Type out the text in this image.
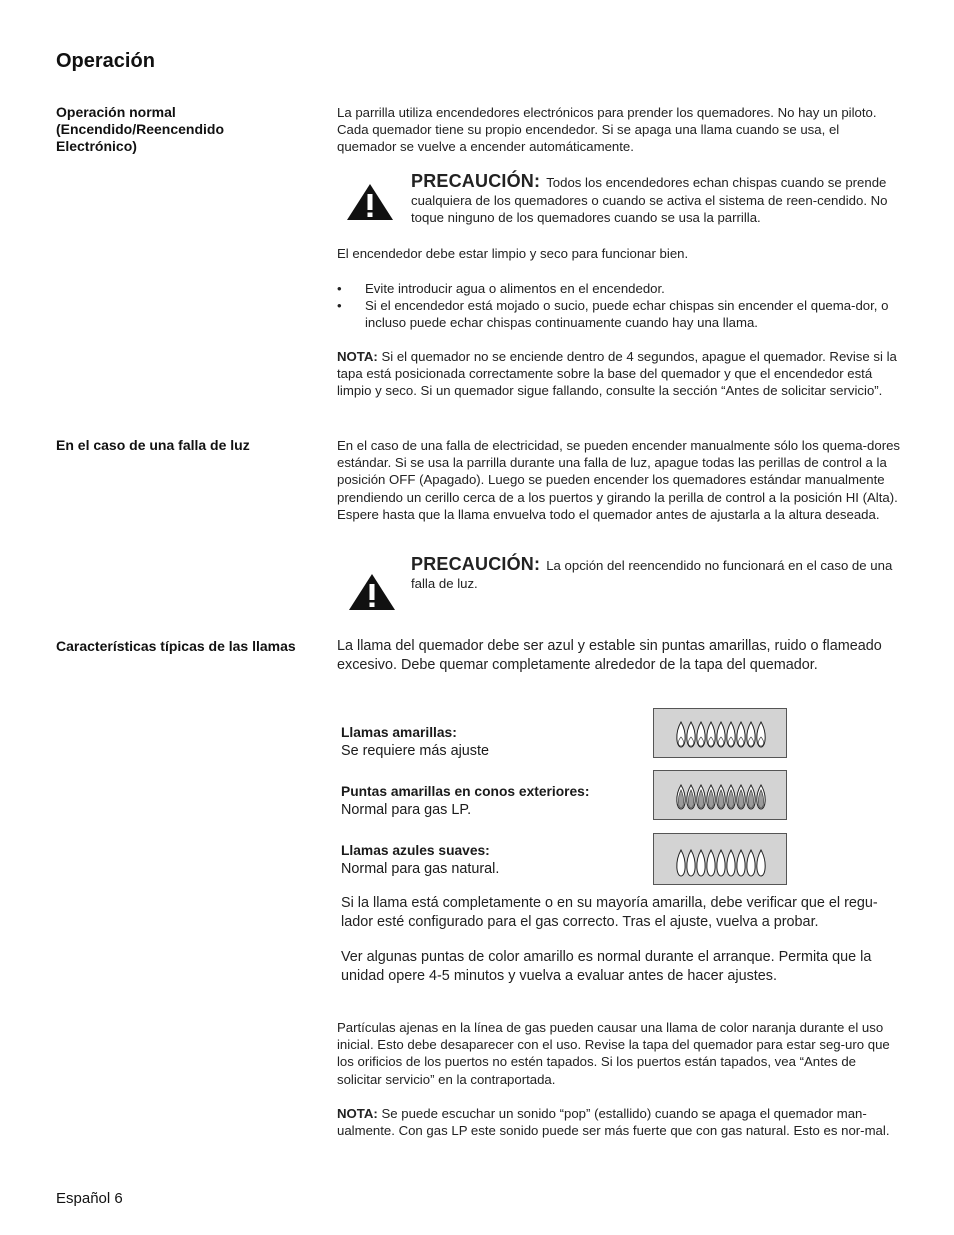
Operación
Operación normal (Encendido/Reencendido Electrónico)
La parrilla utiliza encendedores electrónicos para prender los quemadores. No hay un piloto. Cada quemador tiene su propio encendedor. Si se apaga una llama cuando se usa, el quemador se vuelve a encender automáticamente.
PRECAUCIÓN: Todos los encendedores echan chispas cuando se prende cualquiera de los quemadores o cuando se activa el sistema de reen-cendido. No toque ninguno de los quemadores cuando se usa la parrilla.
El encendedor debe estar limpio y seco para funcionar bien.
• Evite introducir agua o alimentos en el encendedor.
• Si el encendedor está mojado o sucio, puede echar chispas sin encender el quema-dor, o incluso puede echar chispas continuamente cuando hay una llama.
NOTA: Si el quemador no se enciende dentro de 4 segundos, apague el quemador. Revise si la tapa está posicionada correctamente sobre la base del quemador y que el encendedor está limpio y seco. Si un quemador sigue fallando, consulte la sección “Antes de solicitar servicio”.
En el caso de una falla de luz	En el caso de una falla de electricidad, se pueden encender manualmente sólo los quema-dores estándar. Si se usa la parrilla durante una falla de luz, apague todas las perillas de control a la posición OFF (Apagado). Luego se pueden encender los quemadores estándar manualmente prendiendo un cerillo cerca de a los puertos y girando la perilla de control a la posición HI (Alta). Espere hasta que la llama envuelva todo el quemador antes de ajustarla a la altura deseada.
PRECAUCIÓN: La opción del reencendido no funcionará en el caso de una falla de luz.
Características típicas de las llamas	La llama del quemador debe ser azul y estable sin puntas amarillas, ruido o flameado excesivo. Debe quemar completamente alrededor de la tapa del quemador.
Llamas amarillas:
Se requiere más ajuste
Puntas amarillas en conos exteriores:
Normal para gas LP.
Llamas azules suaves:
Normal para gas natural.
Si la llama está completamente o en su mayoría amarilla, debe verificar que el regu-lador esté configurado para el gas correcto. Tras el ajuste, vuelva a probar.
Ver algunas puntas de color amarillo es normal durante el arranque. Permita que la unidad opere 4-5 minutos y vuelva a evaluar antes de hacer ajustes.
Partículas ajenas en la línea de gas pueden causar una llama de color naranja durante el uso inicial. Esto debe desaparecer con el uso. Revise la tapa del quemador para estar seg-uro que los orificios de los puertos no estén tapados. Si los puertos están tapados, vea “Antes de solicitar servicio” en la contraportada.
NOTA: Se puede escuchar un sonido “pop” (estallido) cuando se apaga el quemador man-ualmente. Con gas LP este sonido puede ser más fuerte que con gas natural. Esto es nor-mal.
Español 6
